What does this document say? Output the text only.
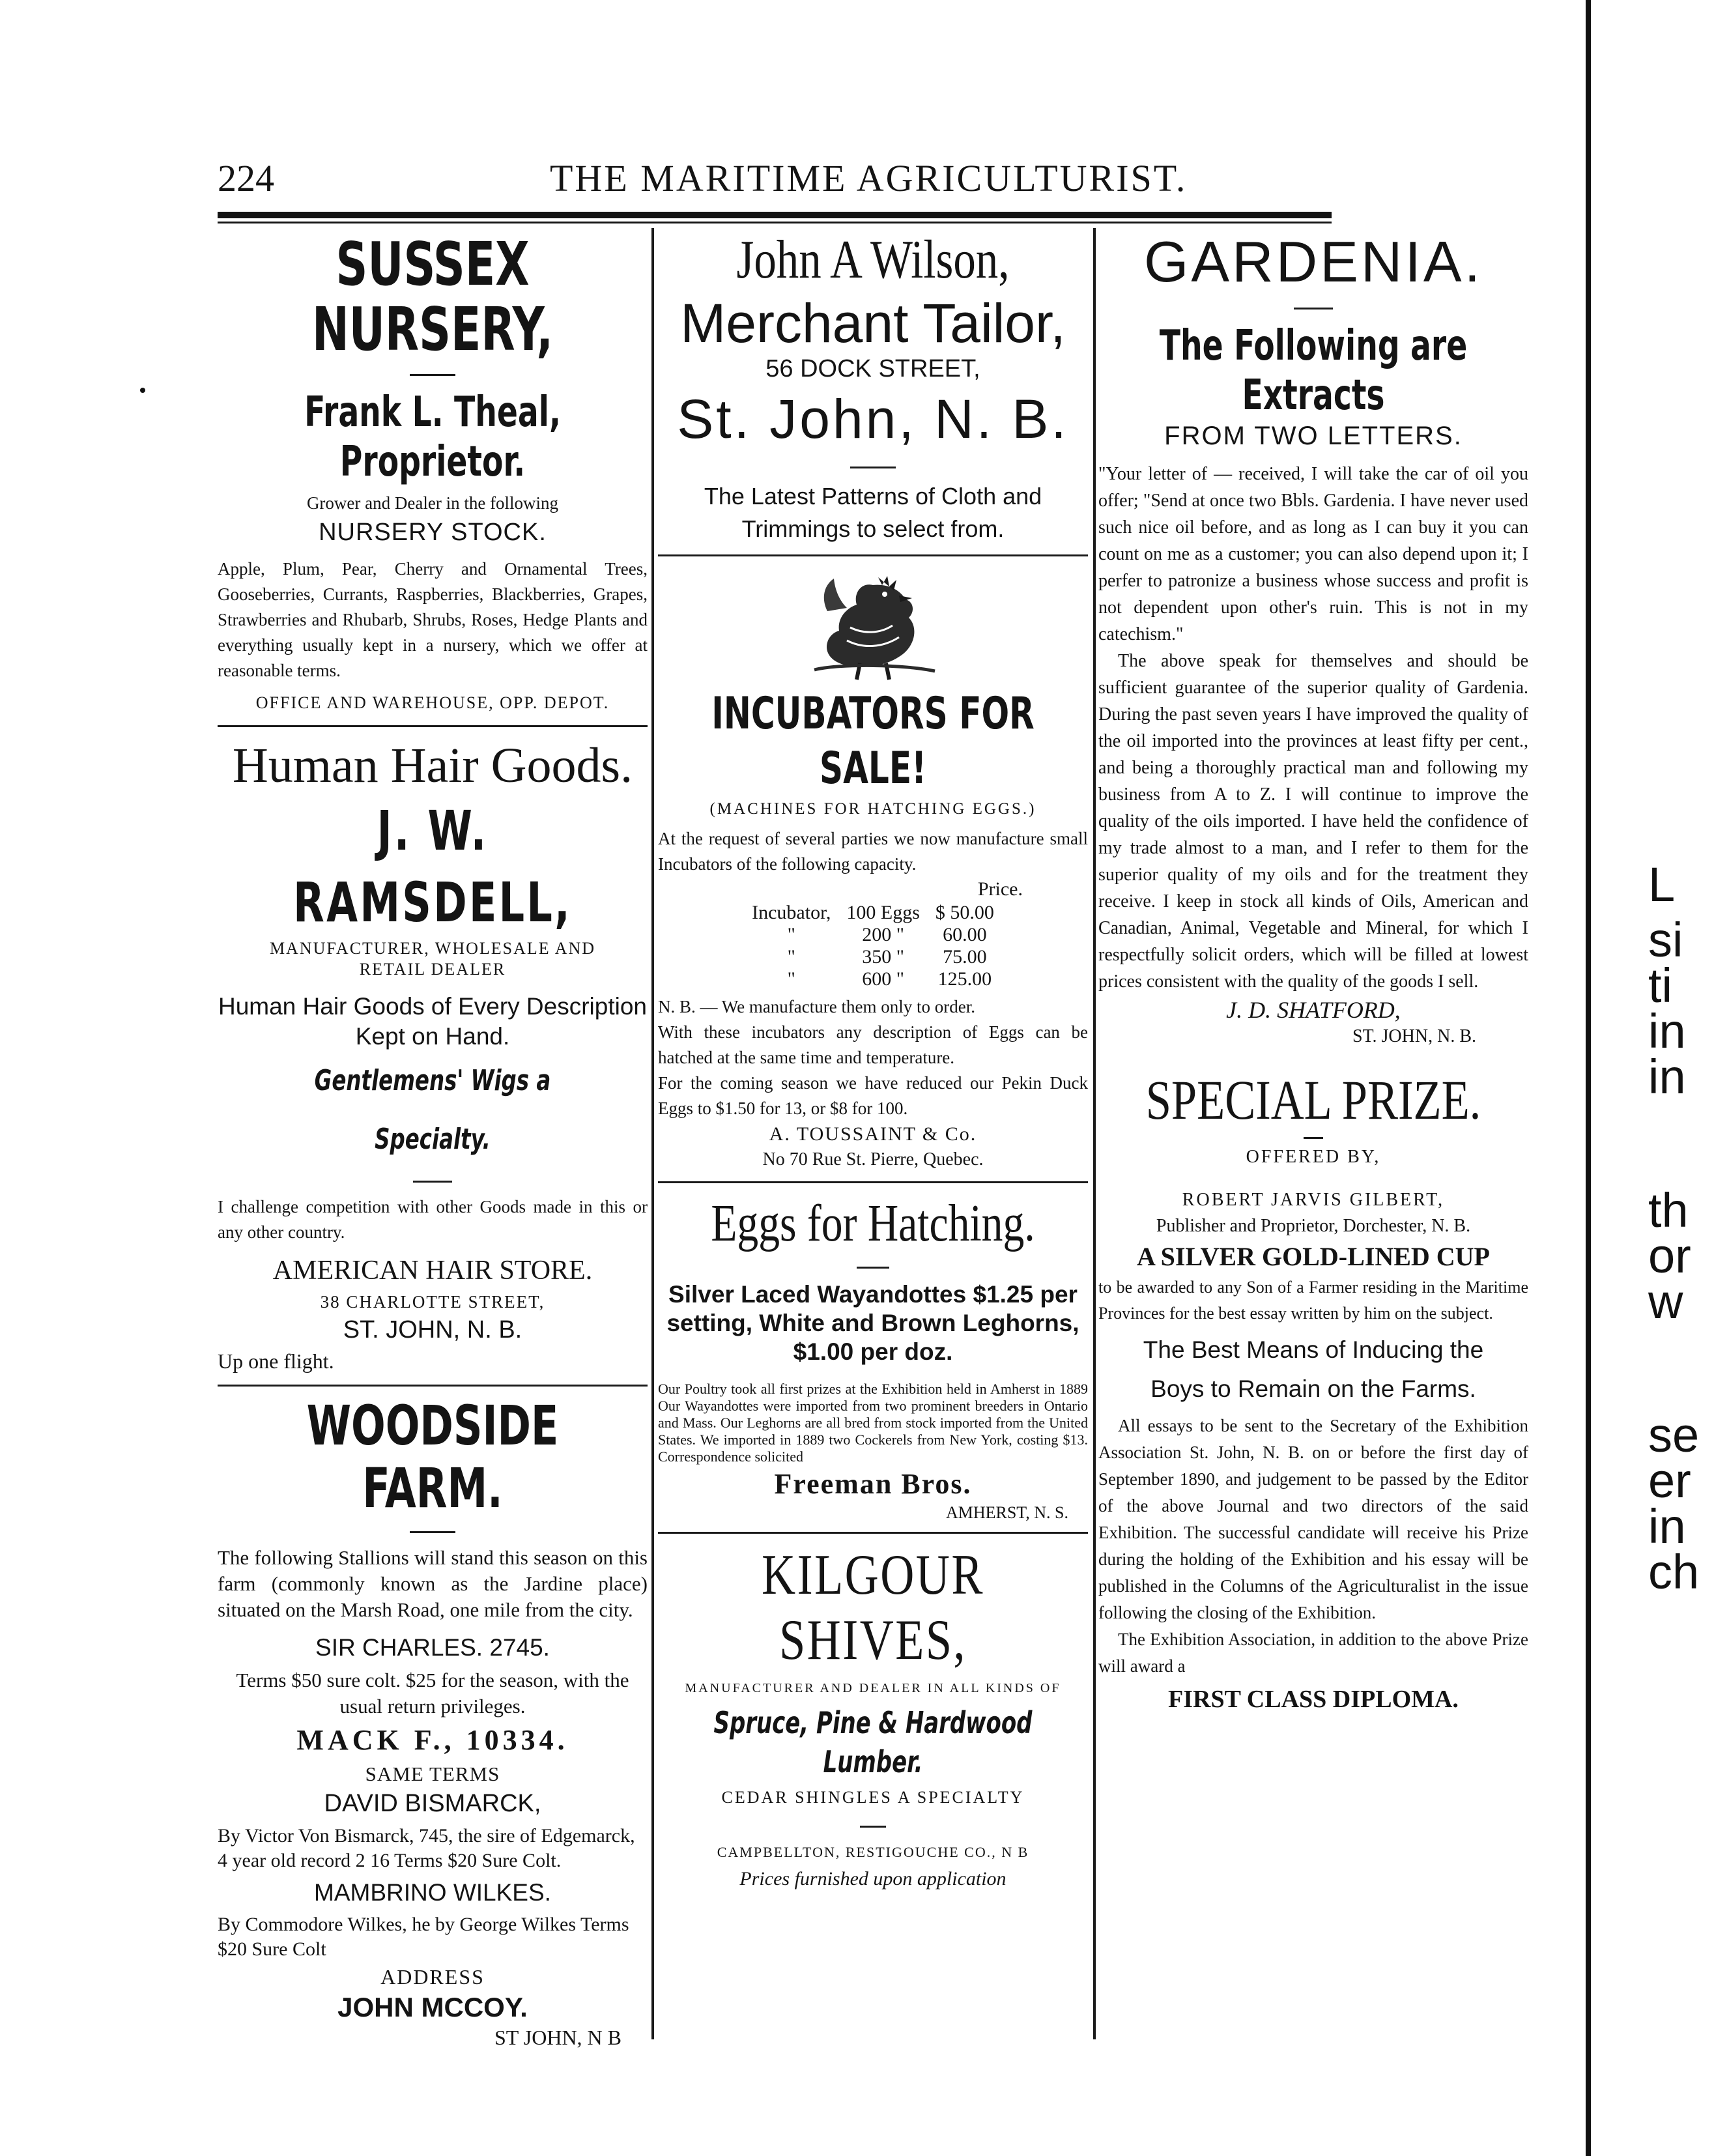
224	THE MARITIME AGRICULTURIST.
SUSSEX NURSERY,
Frank L. Theal, Proprietor.
Grower and Dealer in the following
NURSERY STOCK.
Apple, Plum, Pear, Cherry and Ornamental Trees, Gooseberries, Currants, Raspberries, Blackberries, Grapes, Strawberries and Rhubarb, Shrubs, Roses, Hedge Plants and everything usually kept in a nursery, which we offer at reasonable terms.
OFFICE AND WAREHOUSE, OPP. DEPOT.
Human Hair Goods.
J. W. RAMSDELL,
MANUFACTURER, WHOLESALE AND RETAIL DEALER
Human Hair Goods of Every Description Kept on Hand.
Gentlemens' Wigs a Specialty.
I challenge competition with other Goods made in this or any other country.
AMERICAN HAIR STORE.
38 CHARLOTTE STREET,
ST. JOHN, N. B.
Up one flight.
WOODSIDE FARM.
The following Stallions will stand this season on this farm (commonly known as the Jardine place) situated on the Marsh Road, one mile from the city.
SIR CHARLES. 2745.
Terms $50 sure colt. $25 for the season, with the usual return privileges.
MACK F., 10334.
SAME TERMS
DAVID BISMARCK,
By Victor Von Bismarck, 745, the sire of Edgemarck, 4 year old record 2 16 Terms $20 Sure Colt.
MAMBRINO WILKES.
By Commodore Wilkes, he by George Wilkes Terms $20 Sure Colt
ADDRESS
JOHN MCCOY.
ST JOHN, N B
John A Wilson,
Merchant Tailor,
56 DOCK STREET,
St. John, N. B.
The Latest Patterns of Cloth and Trimmings to select from.
INCUBATORS FOR SALE!
(MACHINES FOR HATCHING EGGS.)
At the request of several parties we now manufacture small Incubators of the following capacity.
Price.
Incubator,	100 Eggs	$ 50.00
"	200 "	60.00
"	350 "	75.00
"	600 "	125.00
N. B. — We manufacture them only to order.
With these incubators any description of Eggs can be hatched at the same time and temperature.
For the coming season we have reduced our Pekin Duck Eggs to $1.50 for 13, or $8 for 100.
A. TOUSSAINT & Co.
No 70 Rue St. Pierre, Quebec.
Eggs for Hatching.
Silver Laced Wayandottes $1.25 per setting, White and Brown Leghorns, $1.00 per doz.
Our Poultry took all first prizes at the Exhibition held in Amherst in 1889 Our Wayandottes were imported from two prominent breeders in Ontario and Mass. Our Leghorns are all bred from stock imported from the United States. We imported in 1889 two Cockerels from New York, costing $13. Correspondence solicited
Freeman Bros.
AMHERST, N. S.
KILGOUR SHIVES,
MANUFACTURER AND DEALER IN ALL KINDS OF
Spruce, Pine & Hardwood Lumber.
CEDAR SHINGLES A SPECIALTY
CAMPBELLTON, RESTIGOUCHE CO., N B
Prices furnished upon application
GARDENIA.
The Following are Extracts
FROM TWO LETTERS.
"Your letter of — received, I will take the car of oil you offer; "Send at once two Bbls. Gardenia. I have never used such nice oil before, and as long as I can buy it you can count on me as a customer; you can also depend upon it; I perfer to patronize a business whose success and profit is not dependent upon other's ruin. This is not in my catechism."
The above speak for themselves and should be sufficient guarantee of the superior quality of Gardenia. During the past seven years I have improved the quality of the oil imported into the provinces at least fifty per cent., and being a thoroughly practical man and following my business from A to Z. I will continue to improve the quality of the oils imported. I have held the confidence of my trade almost to a man, and I refer to them for the superior quality of my oils and for the treatment they receive. I keep in stock all kinds of Oils, American and Canadian, Animal, Vegetable and Mineral, for which I respectfully solicit orders, which will be filled at lowest prices consistent with the quality of the goods I sell.
J. D. SHATFORD,
ST. JOHN, N. B.
SPECIAL PRIZE.
OFFERED BY,
ROBERT JARVIS GILBERT,
Publisher and Proprietor, Dorchester, N. B.
A SILVER GOLD-LINED CUP
to be awarded to any Son of a Farmer residing in the Maritime Provinces for the best essay written by him on the subject.
The Best Means of Inducing the
Boys to Remain on the Farms.
All essays to be sent to the Secretary of the Exhibition Association St. John, N. B. on or before the first day of September 1890, and judgement to be passed by the Editor of the above Journal and two directors of the said Exhibition. The successful candidate will receive his Prize during the holding of the Exhibition and his essay will be published in the Columns of the Agriculturalist in the issue following the closing of the Exhibition.
The Exhibition Association, in addition to the above Prize will award a
FIRST CLASS DIPLOMA.
L
si
ti
in
in
th
or
w
se
er
in
ch
